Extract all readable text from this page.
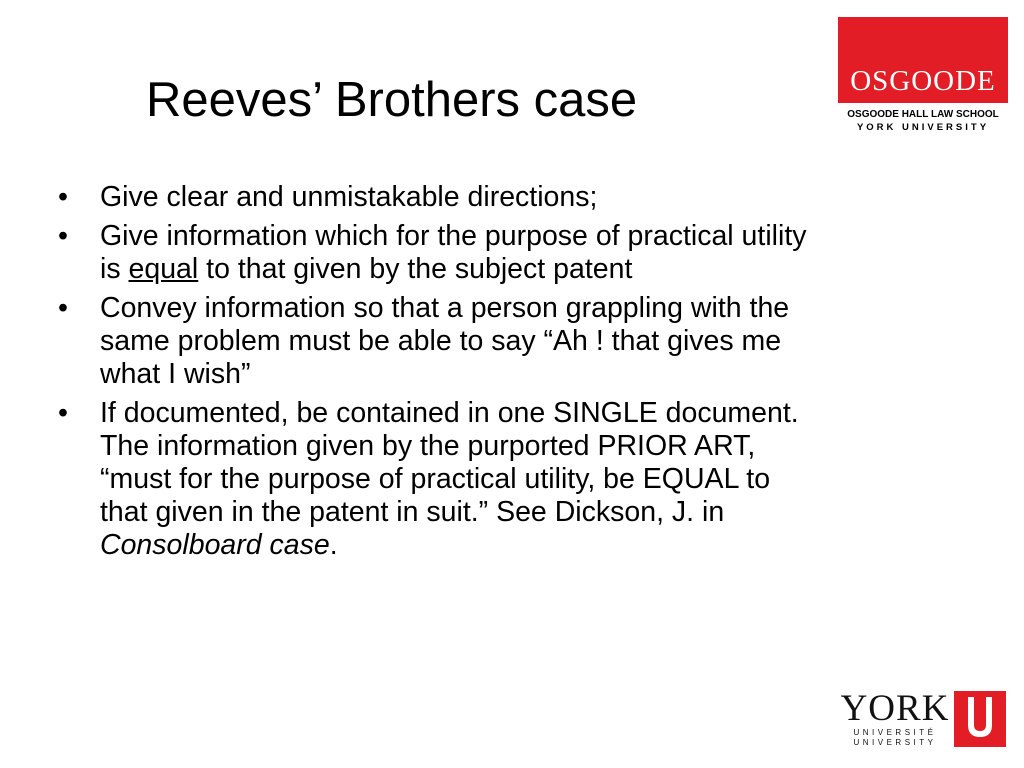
Reeves’ Brothers case
• Give clear and unmistakable directions;
• Give information which for the purpose of practical utility is equal to that given by the subject patent
• Convey information so that a person grappling with the same problem must be able to say “Ah ! that gives me what I wish”
• If documented, be contained in one SINGLE document. The information given by the purported PRIOR ART, “must for the purpose of practical utility, be EQUAL to that given in the patent in suit.” See Dickson, J. in Consolboard case.
OSGOODE
OSGOODE HALL LAW SCHOOL
YORK UNIVERSITY
YORK
UNIVERSITÉ
UNIVERSITY
